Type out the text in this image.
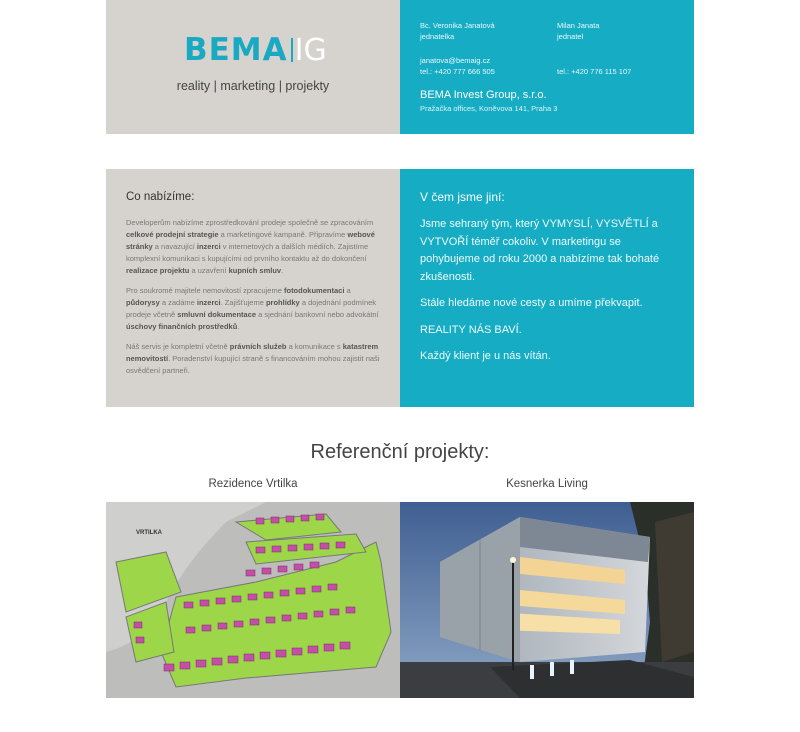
BEMA IG
reality | marketing | projekty
Bc. Veronika Janatová
jednatelka
janatova@bemaig.cz
tel.: +420 777 666 505
Milan Janata
jednatel
tel.: +420 776 115 107
BEMA Invest Group, s.r.o.
Pražačka offices, Koněvova 141, Praha 3
Co nabízíme:

Developerům nabízíme zprostředkování prodeje společně se zpracováním celkové prodejní strategie a marketingové kampaně. Připravíme webové stránky a navazující inzerci v internetových a dalších médiích. Zajistíme komplexní komunikaci s kupujícími od prvního kontaktu až do dokončení realizace projektu a uzavření kupních smluv.

Pro soukromé majitele nemovitostí zpracujeme fotodokumentaci a půdorysy a zadáme inzerci. Zajišťujeme prohlídky a dojednání podmínek prodeje včetně smluvní dokumentace a sjednání bankovní nebo advokátní úschovy finančních prostředků.

Náš servis je kompletní včetně právních služeb a komunikace s katastrem nemovitostí. Poradenství kupující straně s financováním mohou zajistit naši osvědčení partneři.

V čem jsme jiní:

Jsme sehraný tým, který VYMYSLÍ, VYSVĚTLÍ a VYTVOŘÍ téměř cokoliv. V marketingu se pohybujeme od roku 2000 a nabízíme tak bohaté zkušenosti.

Stále hledáme nové cesty a umíme překvapit.

REALITY NÁS BAVÍ.

Každý klient je u nás vítán.

Referenční projekty:
Rezidence Vrtilka	Kesnerka Living
VRTILKA
